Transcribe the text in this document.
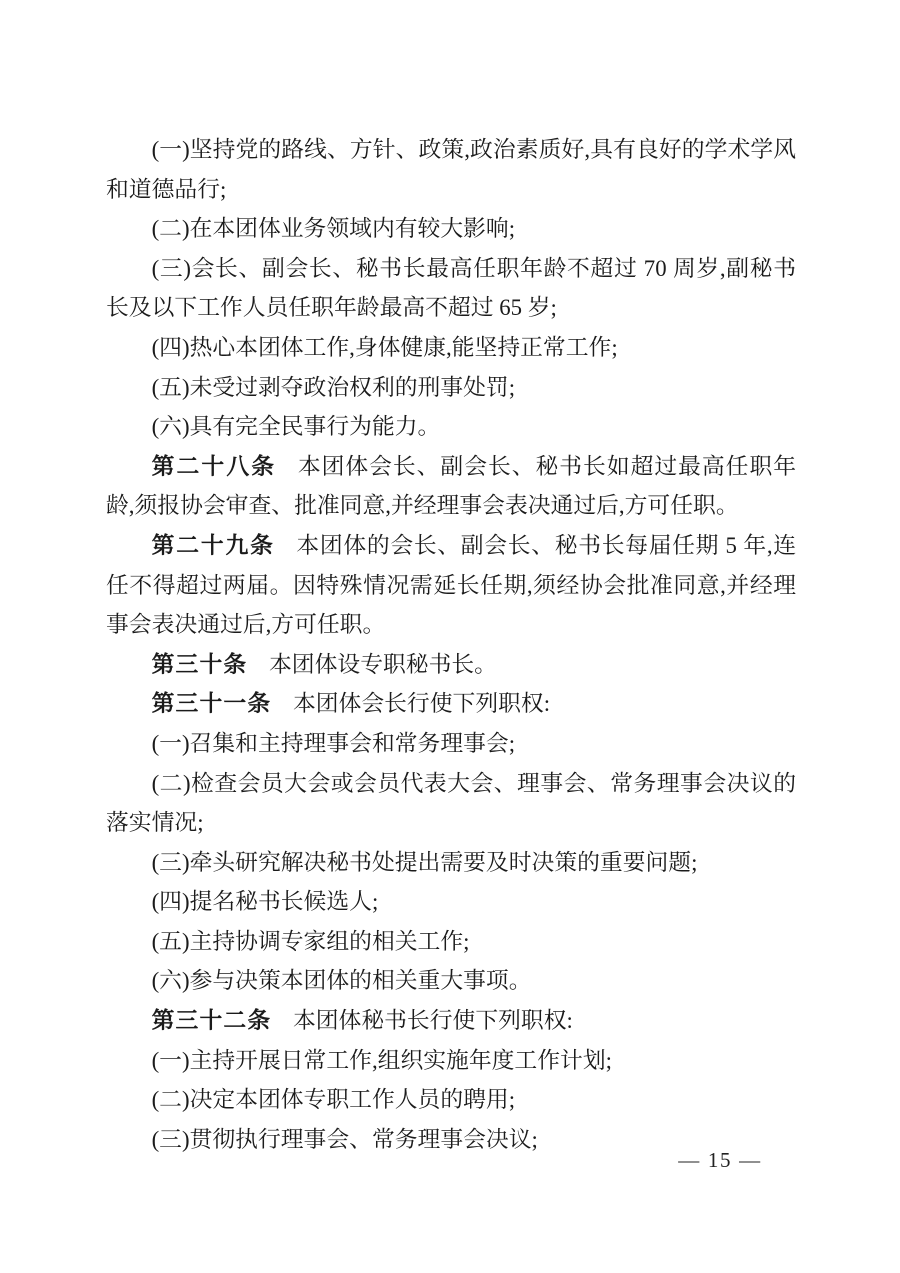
(一)坚持党的路线、方针、政策,政治素质好,具有良好的学术学风和道德品行;

(二)在本团体业务领域内有较大影响;

(三)会长、副会长、秘书长最高任职年龄不超过 70 周岁,副秘书长及以下工作人员任职年龄最高不超过 65 岁;

(四)热心本团体工作,身体健康,能坚持正常工作;

(五)未受过剥夺政治权利的刑事处罚;

(六)具有完全民事行为能力。

第二十八条 本团体会长、副会长、秘书长如超过最高任职年龄,须报协会审查、批准同意,并经理事会表决通过后,方可任职。

第二十九条 本团体的会长、副会长、秘书长每届任期 5 年,连任不得超过两届。因特殊情况需延长任期,须经协会批准同意,并经理事会表决通过后,方可任职。

第三十条 本团体设专职秘书长。

第三十一条 本团体会长行使下列职权:

(一)召集和主持理事会和常务理事会;

(二)检查会员大会或会员代表大会、理事会、常务理事会决议的落实情况;

(三)牵头研究解决秘书处提出需要及时决策的重要问题;

(四)提名秘书长候选人;

(五)主持协调专家组的相关工作;

(六)参与决策本团体的相关重大事项。

第三十二条 本团体秘书长行使下列职权:

(一)主持开展日常工作,组织实施年度工作计划;

(二)决定本团体专职工作人员的聘用;

(三)贯彻执行理事会、常务理事会决议;

— 15 —
